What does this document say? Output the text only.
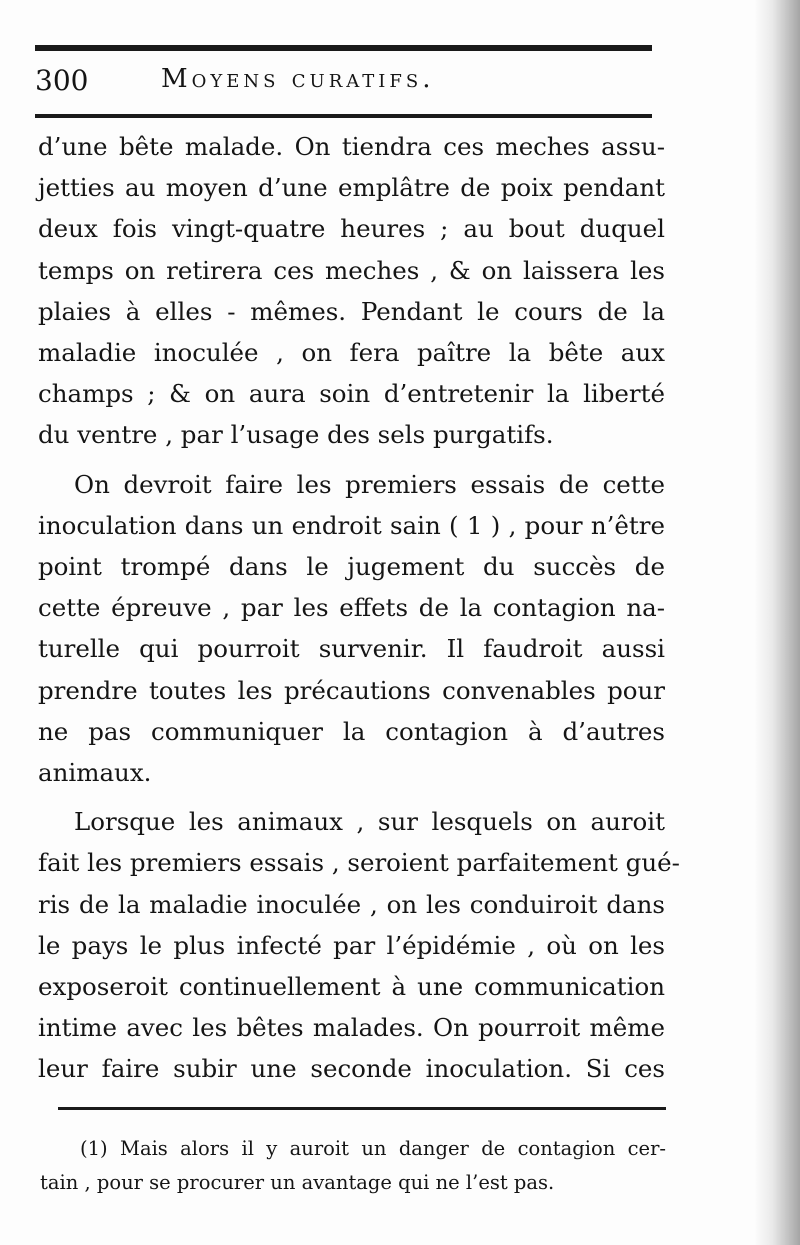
300	Moyens curatifs.

d’une bête malade. On tiendra ces meches assu-
jetties au moyen d’une emplâtre de poix pendant
deux fois vingt-quatre heures ; au bout duquel
temps on retirera ces meches , & on laissera les
plaies à elles - mêmes. Pendant le cours de la
maladie inoculée , on fera paître la bête aux
champs ; & on aura soin d’entretenir la liberté
du ventre , par l’usage des sels purgatifs.

On devroit faire les premiers essais de cette
inoculation dans un endroit sain ( 1 ) , pour n’être
point trompé dans le jugement du succès de
cette épreuve , par les effets de la contagion na-
turelle qui pourroit survenir. Il faudroit aussi
prendre toutes les précautions convenables pour
ne pas communiquer la contagion à d’autres
animaux.

Lorsque les animaux , sur lesquels on auroit
fait les premiers essais , seroient parfaitement gué-
ris de la maladie inoculée , on les conduiroit dans
le pays le plus infecté par l’épidémie , où on les
exposeroit continuellement à une communication
intime avec les bêtes malades. On pourroit même
leur faire subir une seconde inoculation. Si ces

(1) Mais alors il y auroit un danger de contagion cer-
tain , pour se procurer un avantage qui ne l’est pas.
